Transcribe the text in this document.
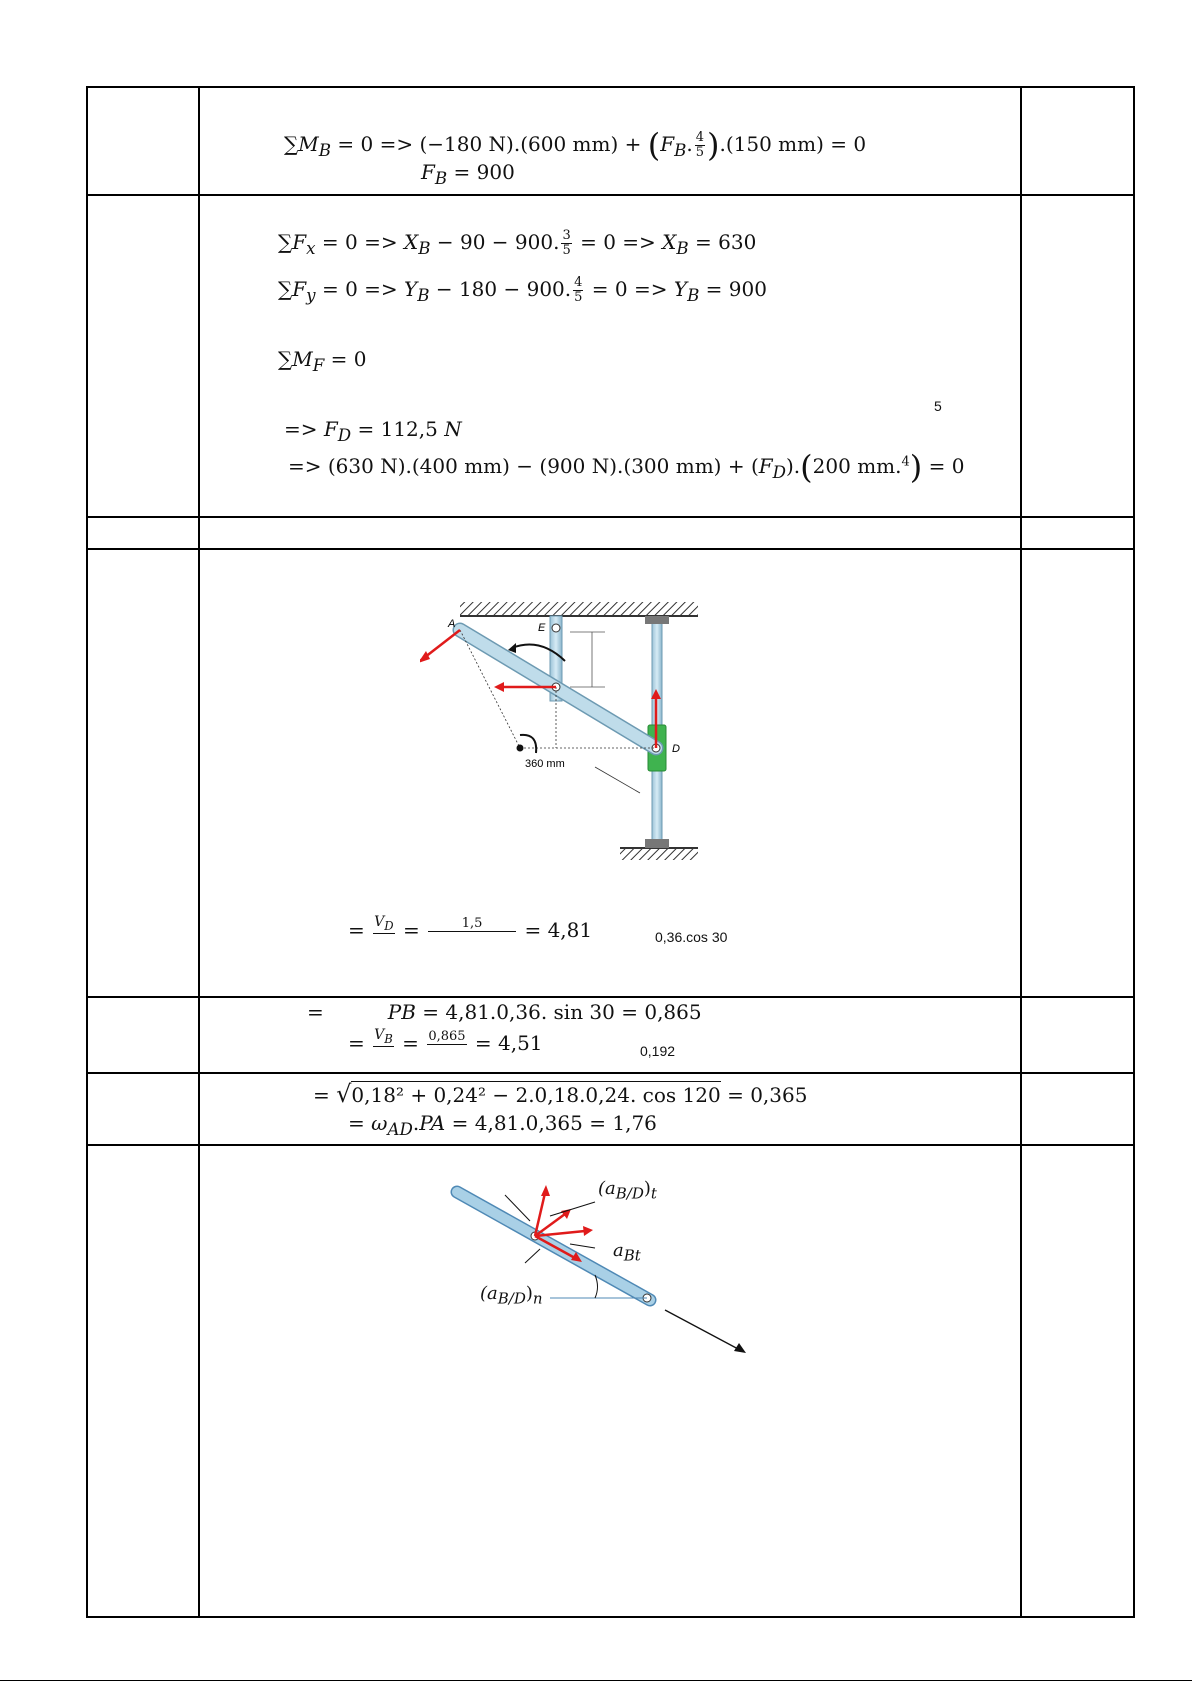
$\sum M_B = 0 => (-180$ N).(600 $mm) + (F_B$. $\frac{4}{5} ).(150$ mm) = 0
$F_B = 900$
$\sum F_x = 0 => X_B - 90 - 900$. $\frac{3}{5} = 0 => X_B = 630$
$\sum F_y = 0 => Y_B - 180 - 900$. $\frac{4}{5} = 0 => Y_B = 900$
$\sum M_F = 0$
5
=> $F_D = 112,5$ N
=> (630 N).(400 mm) − (900 N).(300 $mm) + (F_D).(200$ mm.$^4$) = 0
E
A
D
360 mm
= $V_D$
=	1,5
	= 4,81	0,36.cos 30
=	PB = 4,81.0,36. sin 30 = 0,865
= $V_B$
= 0,865
= 4,51	0,192
= √0,18² + 0,24² − 2.0,18.0,24. cos 120 = 0,365
= $\omega_{AD}.PA = 4,81.0,365 = 1,76$
$(a_{B/D})_t$
$a_{Bt}$
$(a_{B/D})_n$
